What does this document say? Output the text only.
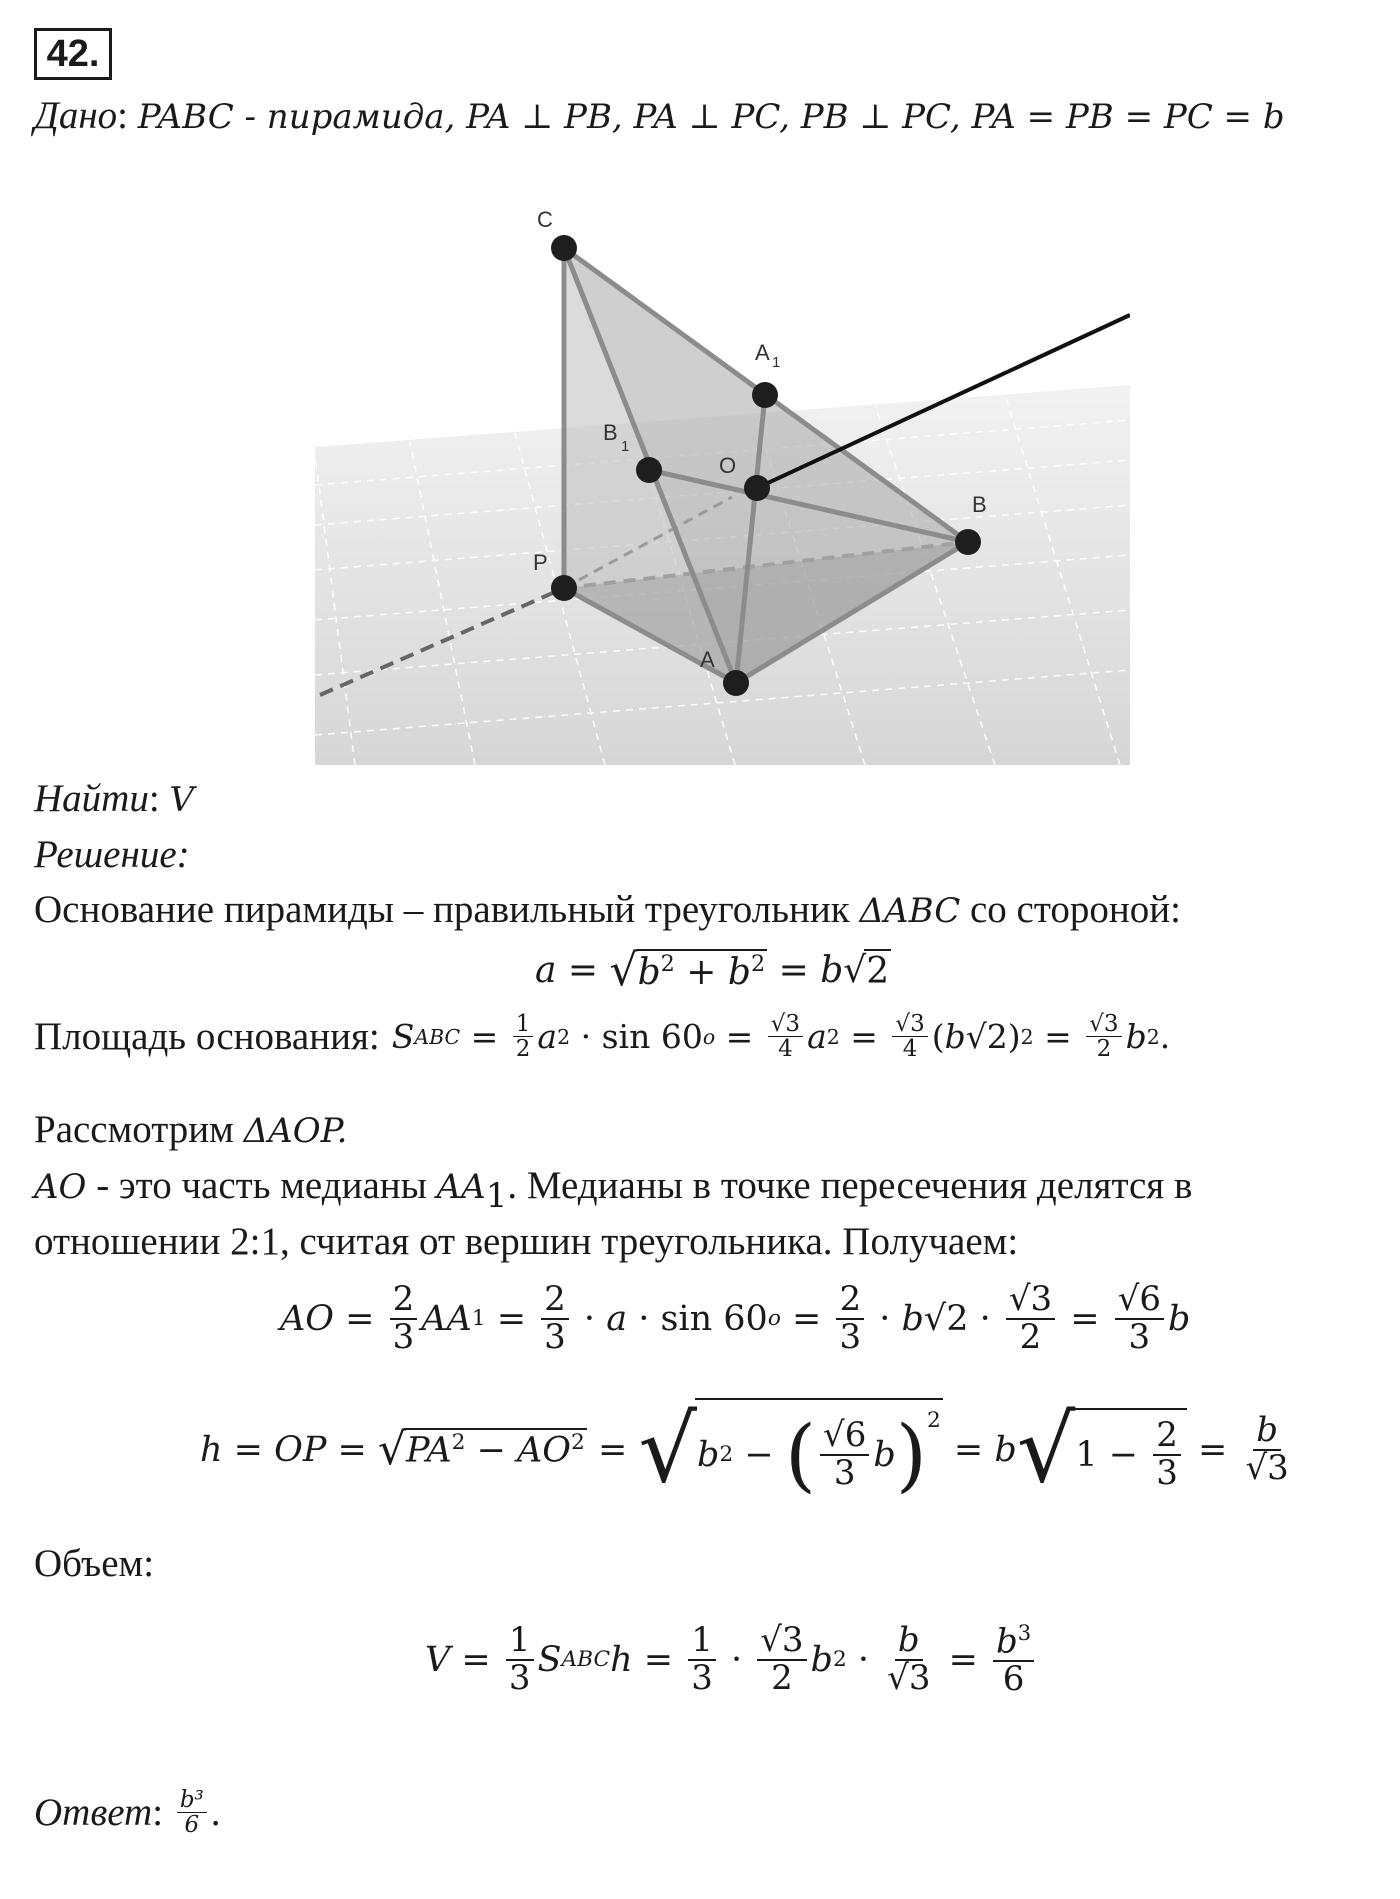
42.
Дано: PABC - пирамида, PA ⊥ PB, PA ⊥ PC, PB ⊥ PC, PA = PB = PC = b
C
A 1
B
1
O
B
P
A
Найти: V
Решение:
Основание пирамиды – правильный треугольник ΔABC со стороной:
a = √ $b^2 + b^2 = b$ √ 2
Площадь основания: S ABC = $\frac{1}{2}$ a 2 · sin 60 $o = \frac{√3}{4}$ a $2 = \frac{√3}{4}$ ( b √2) $2 = \frac{√3}{2}$ b 2 .
Рассмотрим ΔAOP.
AO - это часть медианы $AA_1$. Медианы в точке пересечения делятся в
отношении 2:1, считая от вершин треугольника. Получаем:
AO = $\frac{2}{3}$ AA $1 = \frac{2}{3} \cdot a \cdot \sin 60$ $o = \frac{2}{3} \cdot b$ $√2 \cdot \frac{√3}{2} = \frac{√6}{3}$ b
h = OP = √ $PA^2 - AO^2$ = √ b 2 − ( $\frac{√6}{3}$ b )$^2$
= b √ $1 - \frac{2}{3} = \frac{b}{√3}$
Объем:
$V = \frac{1}{3}$ S ABC $h = \frac{1}{3} \cdot \frac{√3}{2}$ b $2 \cdot \frac{b}{√3} = \frac{b^3}{6}$
Ответ : $\frac{\text{b³}}{6}$ .
